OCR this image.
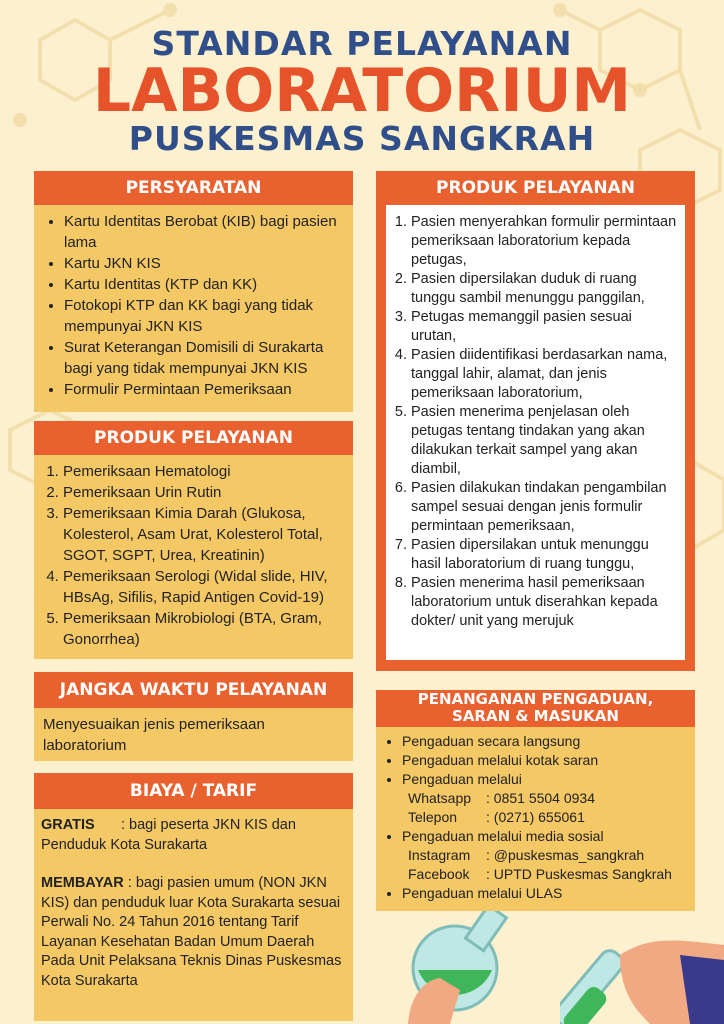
STANDAR PELAYANAN
LABORATORIUM
PUSKESMAS SANGKRAH
PERSYARATAN
• Kartu Identitas Berobat (KIB) bagi pasien lama
• Kartu JKN KIS
• Kartu Identitas (KTP dan KK)
• Fotokopi KTP dan KK bagi yang tidak mempunyai JKN KIS
• Surat Keterangan Domisili di Surakarta bagi yang tidak mempunyai JKN KIS
• Formulir Permintaan Pemeriksaan
PRODUK PELAYANAN
1. Pemeriksaan Hematologi
2. Pemeriksaan Urin Rutin
3. Pemeriksaan Kimia Darah (Glukosa, Kolesterol, Asam Urat, Kolesterol Total, SGOT, SGPT, Urea, Kreatinin)
4. Pemeriksaan Serologi (Widal slide, HIV, HBsAg, Sifilis, Rapid Antigen Covid-19)
5. Pemeriksaan Mikrobiologi (BTA, Gram, Gonorrhea)
JANGKA WAKTU PELAYANAN
Menyesuaikan jenis pemeriksaan laboratorium
BIAYA / TARIF
GRATIS : bagi peserta JKN KIS dan Penduduk Kota Surakarta
MEMBAYAR : bagi pasien umum (NON JKN KIS) dan penduduk luar Kota Surakarta sesuai Perwali No. 24 Tahun 2016 tentang Tarif Layanan Kesehatan Badan Umum Daerah Pada Unit Pelaksana Teknis Dinas Puskesmas Kota Surakarta
PRODUK PELAYANAN
1. Pasien menyerahkan formulir permintaan pemeriksaan laboratorium kepada petugas,
2. Pasien dipersilakan duduk di ruang tunggu sambil menunggu panggilan,
3. Petugas memanggil pasien sesuai urutan,
4. Pasien diidentifikasi berdasarkan nama, tanggal lahir, alamat, dan jenis pemeriksaan laboratorium,
5. Pasien menerima penjelasan oleh petugas tentang tindakan yang akan dilakukan terkait sampel yang akan diambil,
6. Pasien dilakukan tindakan pengambilan sampel sesuai dengan jenis formulir permintaan pemeriksaan,
7. Pasien dipersilakan untuk menunggu hasil laboratorium di ruang tunggu,
8. Pasien menerima hasil pemeriksaan laboratorium untuk diserahkan kepada dokter/ unit yang merujuk
PENANGANAN PENGADUAN,
SARAN & MASUKAN
• Pengaduan secara langsung
• Pengaduan melalui kotak saran
• Pengaduan melalui
Whatsapp : 0851 5504 0934
Telepon : (0271) 655061
• Pengaduan melalui media sosial
Instagram : @puskesmas_sangkrah
Facebook : UPTD Puskesmas Sangkrah
• Pengaduan melalui ULAS
